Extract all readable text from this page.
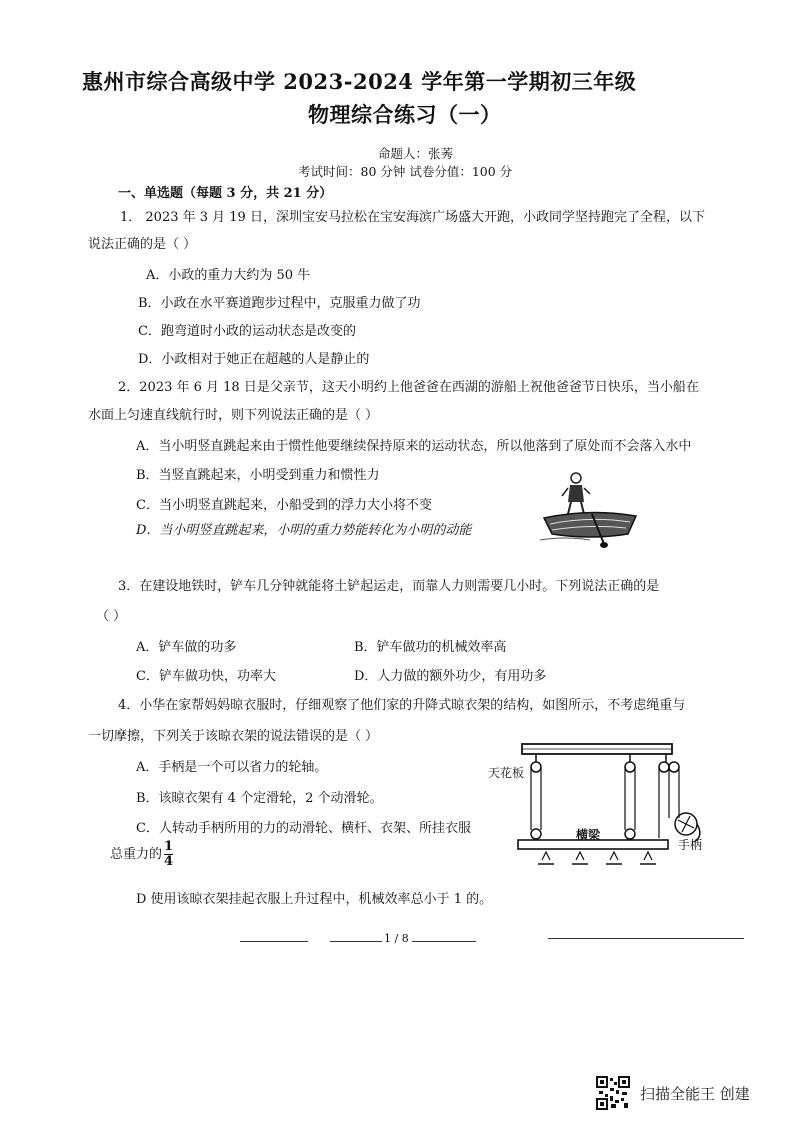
惠州市综合高级中学 2023-2024 学年第一学期初三年级
物理综合练习（一）
命题人：张莠
考试时间：80 分钟 试卷分值：100 分
一、单选题（每题 3 分，共 21 分）
1． 2023 年 3 月 19 日，深圳宝安马拉松在宝安海滨广场盛大开跑，小政同学坚持跑完了全程，以下
说法正确的是（ ）
A．小政的重力大约为 50 牛
B．小政在水平赛道跑步过程中，克服重力做了功
C．跑弯道时小政的运动状态是改变的
D．小政相对于她正在超越的人是静止的
2．2023 年 6 月 18 日是父亲节，这天小明约上他爸爸在西湖的游船上祝他爸爸节日快乐，当小船在
水面上匀速直线航行时，则下列说法正确的是（ ）
A．当小明竖直跳起来由于惯性他要继续保持原来的运动状态，所以他落到了原处而不会落入水中
B．当竖直跳起来，小明受到重力和惯性力
C．当小明竖直跳起来，小船受到的浮力大小将不变
D．当小明竖直跳起来，小明的重力势能转化为小明的动能
3．在建设地铁时，铲车几分钟就能将土铲起运走，而靠人力则需要几小时。下列说法正确的是
（ ）
A．铲车做的功多	B．铲车做功的机械效率高
C．铲车做功快，功率大	D．人力做的额外功少，有用功多
4．小华在家帮妈妈晾衣服时，仔细观察了他们家的升降式晾衣架的结构，如图所示，不考虑绳重与
一切摩擦，下列关于该晾衣架的说法错误的是（ ）
A．手柄是一个可以省力的轮轴。
B．该晾衣架有 4 个定滑轮，2 个动滑轮。
C．人转动手柄所用的力的动滑轮、横杆、衣架、所挂衣服
总重力的 $\frac{1}{4}$
D 使用该晾衣架挂起衣服上升过程中，机械效率总小于 1 的。
天花板
横梁
手柄
1 / 8
扫描全能王 创建
